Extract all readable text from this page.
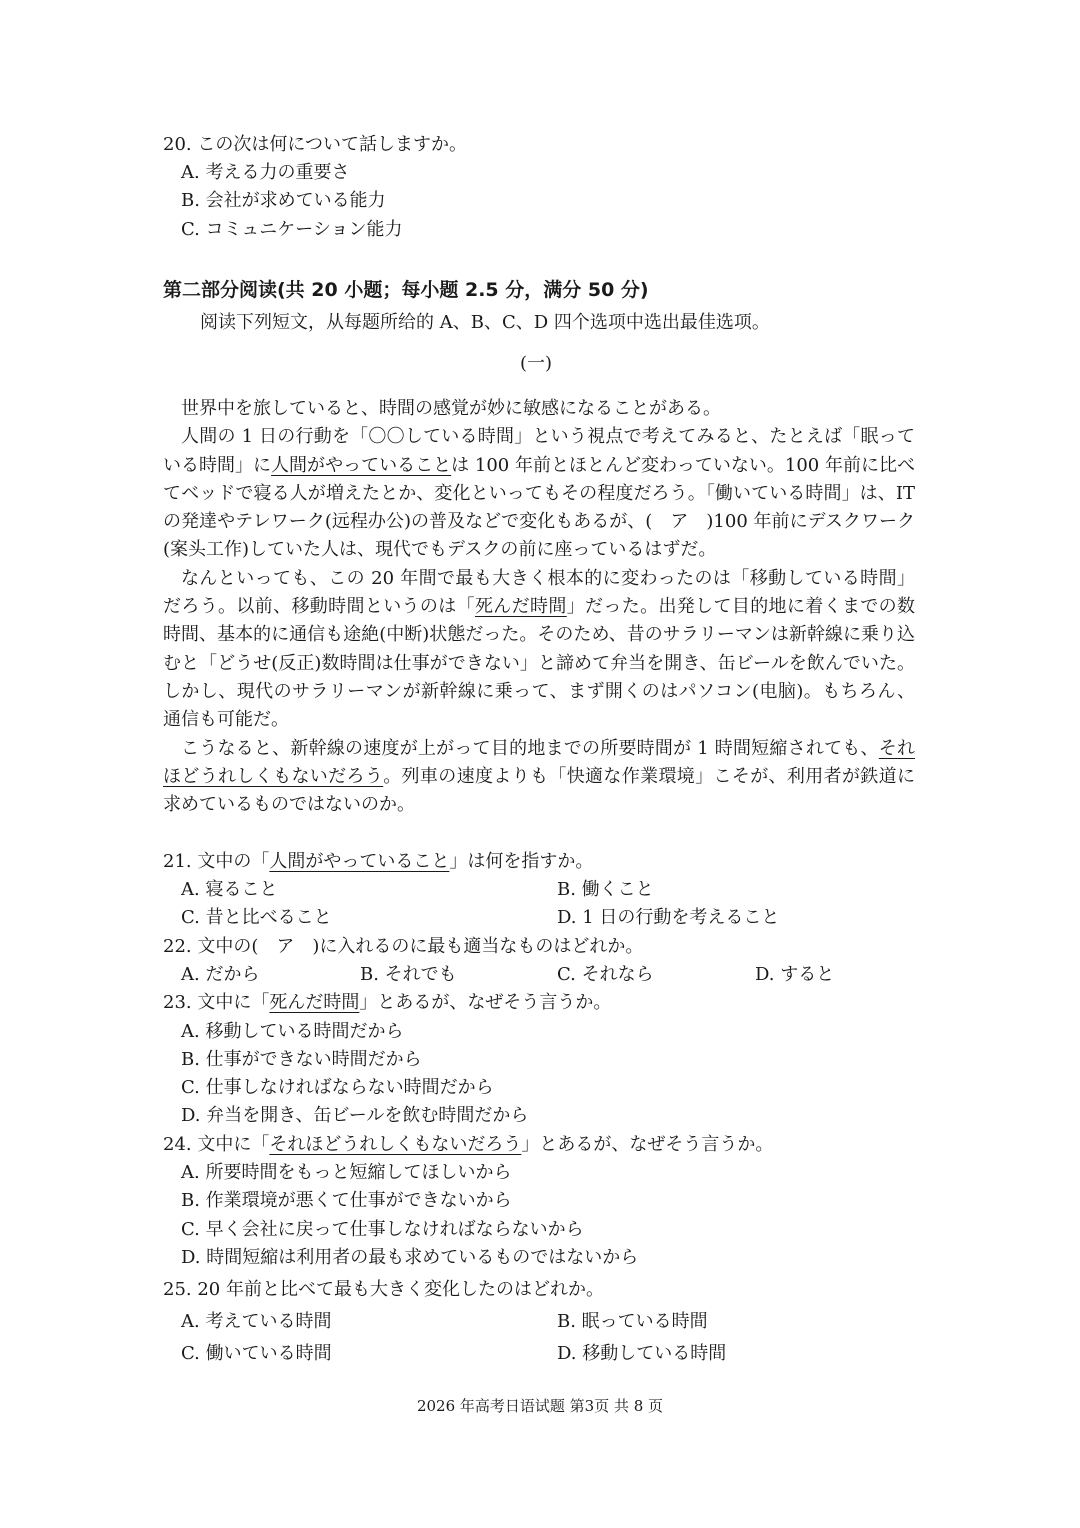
20. この次は何について話しますか。
A. 考える力の重要さ
B. 会社が求めている能力
C. コミュニケーション能力
第二部分阅读(共 20 小题；每小题 2.5 分，满分 50 分)
阅读下列短文，从每题所给的 A、B、C、D 四个选项中选出最佳选项。
(一)

世界中を旅していると、時間の感覚が妙に敏感になることがある。

人間の 1 日の行動を「〇〇している時間」という視点で考えてみると、たとえば「眠っている時間」に人間がやっていることは 100 年前とほとんど変わっていない。100 年前に比べてベッドで寝る人が増えたとか、変化といってもその程度だろう。「働いている時間」は、IT の発達やテレワーク(远程办公)の普及などで変化もあるが、(　ア　)100 年前にデスクワーク(案头工作)していた人は、現代でもデスクの前に座っているはずだ。

なんといっても、この 20 年間で最も大きく根本的に変わったのは「移動している時間」だろう。以前、移動時間というのは「死んだ時間」だった。出発して目的地に着くまでの数時間、基本的に通信も途絶(中断)状態だった。そのため、昔のサラリーマンは新幹線に乗り込むと「どうせ(反正)数時間は仕事ができない」と諦めて弁当を開き、缶ビールを飲んでいた。しかし、現代のサラリーマンが新幹線に乗って、まず開くのはパソコン(电脑)。もちろん、通信も可能だ。

こうなると、新幹線の速度が上がって目的地までの所要時間が 1 時間短縮されても、それほどうれしくもないだろう。列車の速度よりも「快適な作業環境」こそが、利用者が鉄道に求めているものではないのか。

21. 文中の「人間がやっていること」は何を指すか。
A. 寝ること	B. 働くこと
C. 昔と比べること	D. 1 日の行動を考えること
22. 文中の(　ア　)に入れるのに最も適当なものはどれか。
A. だから	B. それでも	C. それなら	D. すると
23. 文中に「死んだ時間」とあるが、なぜそう言うか。
A. 移動している時間だから
B. 仕事ができない時間だから
C. 仕事しなければならない時間だから
D. 弁当を開き、缶ビールを飲む時間だから
24. 文中に「それほどうれしくもないだろう」とあるが、なぜそう言うか。
A. 所要時間をもっと短縮してほしいから
B. 作業環境が悪くて仕事ができないから
C. 早く会社に戻って仕事しなければならないから
D. 時間短縮は利用者の最も求めているものではないから
25. 20 年前と比べて最も大きく変化したのはどれか。
A. 考えている時間	B. 眠っている時間
C. 働いている時間	D. 移動している時間
2026 年高考日语试题 第3页 共 8 页
